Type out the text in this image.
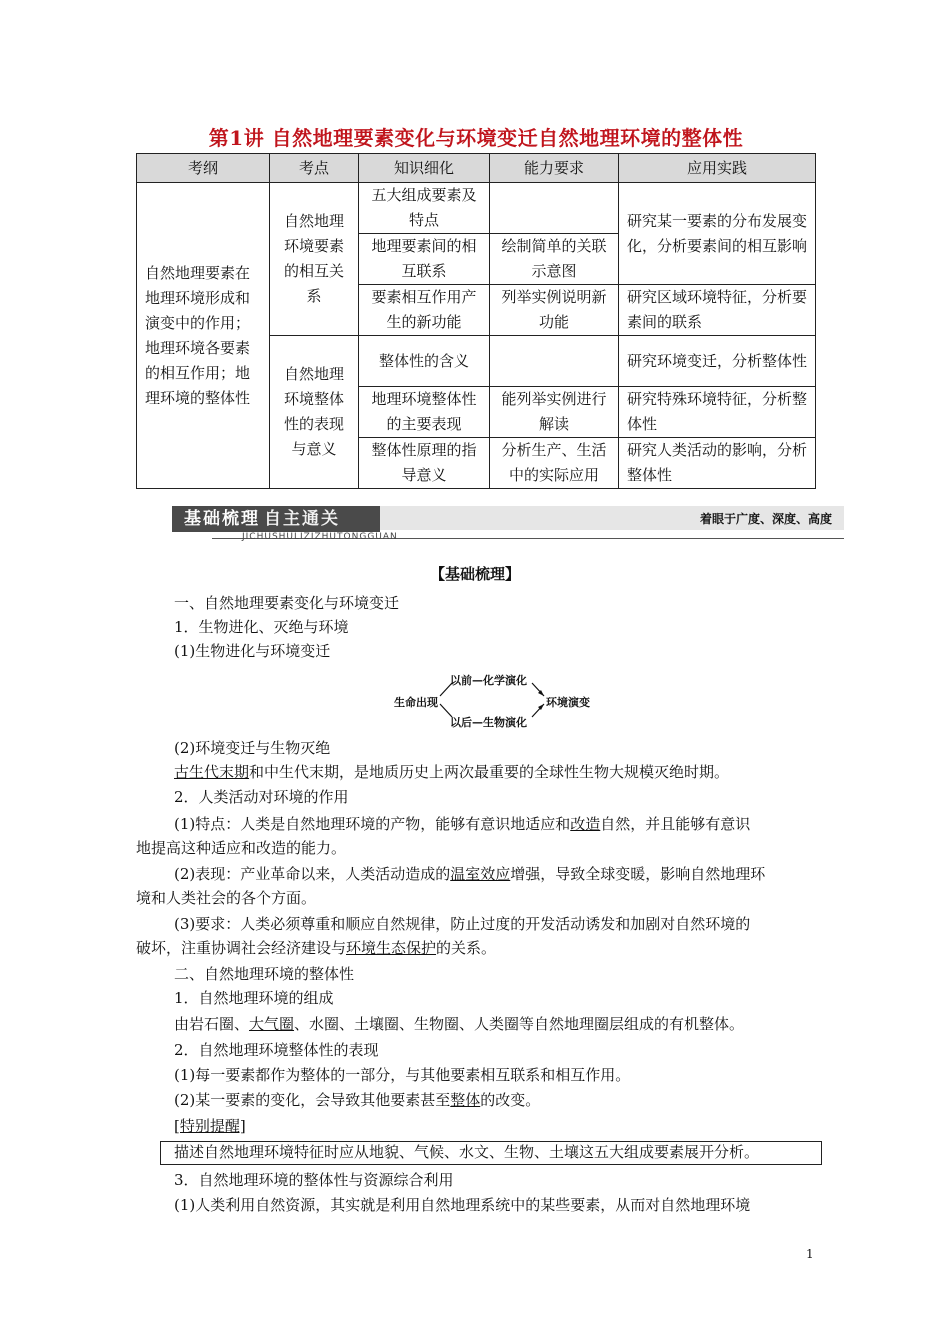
第1讲 自然地理要素变化与环境变迁自然地理环境的整体性
考纲	考点	知识细化	能力要求	应用实践
自然地理要素在地理环境形成和演变中的作用；地理环境各要素的相互作用；地理环境的整体性	自然地理环境要素的相互关系	五大组成要素及特点		研究某一要素的分布发展变化，分析要素间的相互影响
		地理要素间的相互联系	绘制简单的关联示意图	
		要素相互作用产生的新功能	列举实例说明新功能	研究区域环境特征，分析要素间的联系
	自然地理环境整体性的表现与意义	整体性的含义		研究环境变迁，分析整体性
		地理环境整体性的主要表现	能列举实例进行解读	研究特殊环境特征，分析整体性
		整体性原理的指导意义	分析生产、生活中的实际应用	研究人类活动的影响，分析整体性
基础梳理 自主通关	着眼于广度、深度、高度
JICHUSHULIZIZHUTONGGUAN
【基础梳理】
一、自然地理要素变化与环境变迁
1．生物进化、灭绝与环境
(1)生物进化与环境变迁
生命出现
以前—化学演化
以后—生物演化
环境演变
(2)环境变迁与生物灭绝
古生代末期和中生代末期，是地质历史上两次最重要的全球性生物大规模灭绝时期。
2．人类活动对环境的作用
(1)特点：人类是自然地理环境的产物，能够有意识地适应和改造自然，并且能够有意识
地提高这种适应和改造的能力。
(2)表现：产业革命以来，人类活动造成的温室效应增强，导致全球变暖，影响自然地理环
境和人类社会的各个方面。
(3)要求：人类必须尊重和顺应自然规律，防止过度的开发活动诱发和加剧对自然环境的
破坏，注重协调社会经济建设与环境生态保护的关系。
二、自然地理环境的整体性
1．自然地理环境的组成
由岩石圈、大气圈、水圈、土壤圈、生物圈、人类圈等自然地理圈层组成的有机整体。
2．自然地理环境整体性的表现
(1)每一要素都作为整体的一部分，与其他要素相互联系和相互作用。
(2)某一要素的变化，会导致其他要素甚至整体的改变。
[特别提醒]
描述自然地理环境特征时应从地貌、气候、水文、生物、土壤这五大组成要素展开分析。
3．自然地理环境的整体性与资源综合利用
(1)人类利用自然资源，其实就是利用自然地理系统中的某些要素，从而对自然地理环境
1
